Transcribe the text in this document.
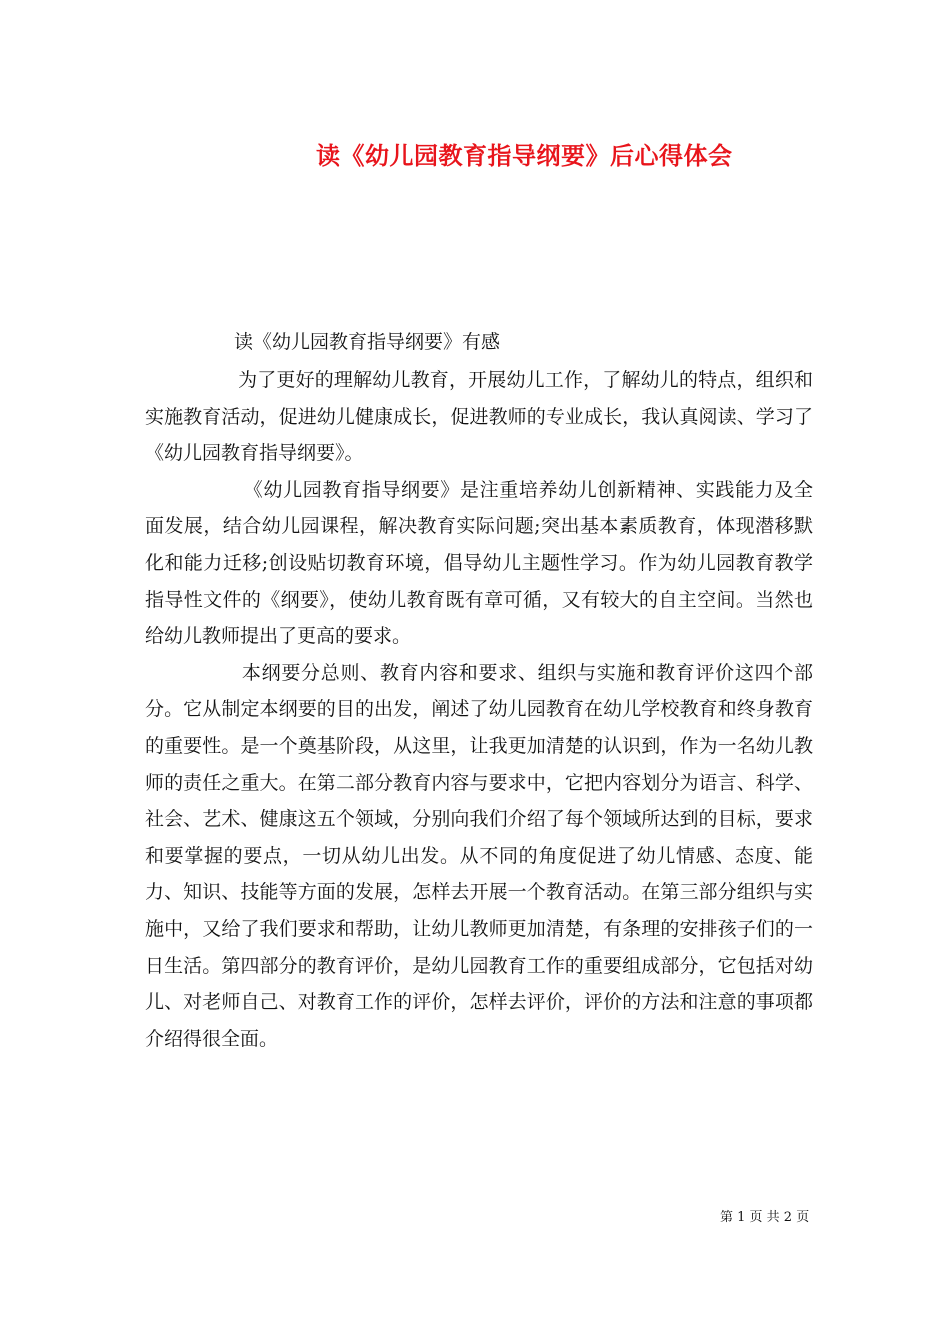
读《幼儿园教育指导纲要》后心得体会
读《幼儿园教育指导纲要》有感

为了更好的理解幼儿教育，开展幼儿工作，了解幼儿的特点，组织和实施教育活动，促进幼儿健康成长，促进教师的专业成长，我认真阅读、学习了《幼儿园教育指导纲要》。

《幼儿园教育指导纲要》是注重培养幼儿创新精神、实践能力及全面发展，结合幼儿园课程，解决教育实际问题;突出基本素质教育，体现潜移默化和能力迁移;创设贴切教育环境，倡导幼儿主题性学习。作为幼儿园教育教学指导性文件的《纲要》，使幼儿教育既有章可循，又有较大的自主空间。当然也给幼儿教师提出了更高的要求。

本纲要分总则、教育内容和要求、组织与实施和教育评价这四个部分。它从制定本纲要的目的出发，阐述了幼儿园教育在幼儿学校教育和终身教育的重要性。是一个奠基阶段，从这里，让我更加清楚的认识到，作为一名幼儿教师的责任之重大。在第二部分教育内容与要求中，它把内容划分为语言、科学、社会、艺术、健康这五个领域，分别向我们介绍了每个领域所达到的目标，要求和要掌握的要点，一切从幼儿出发。从不同的角度促进了幼儿情感、态度、能力、知识、技能等方面的发展，怎样去开展一个教育活动。在第三部分组织与实施中，又给了我们要求和帮助，让幼儿教师更加清楚，有条理的安排孩子们的一日生活。第四部分的教育评价，是幼儿园教育工作的重要组成部分，它包括对幼儿、对老师自己、对教育工作的评价，怎样去评价，评价的方法和注意的事项都介绍得很全面。

第 1 页 共 2 页
